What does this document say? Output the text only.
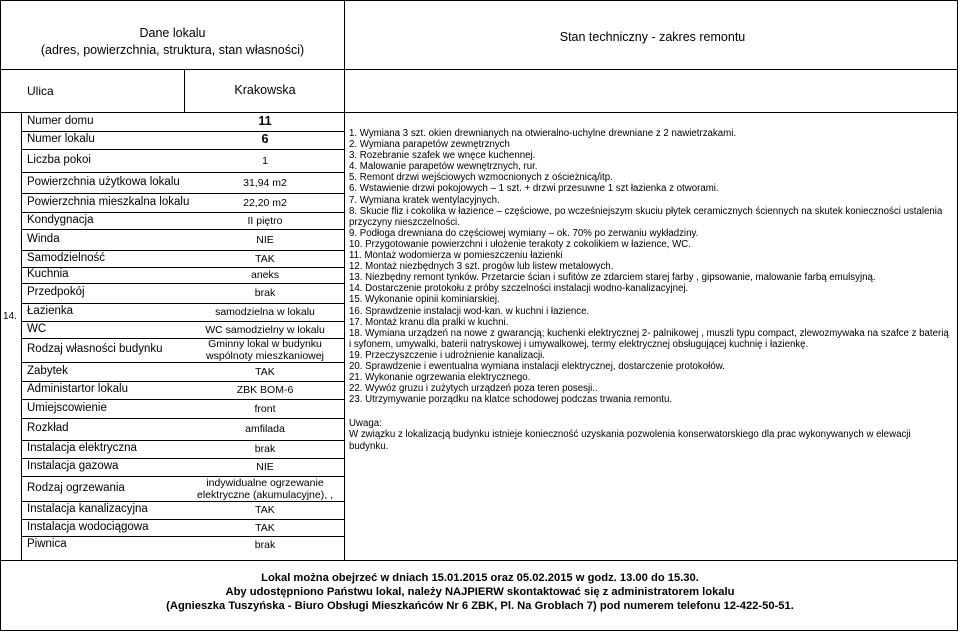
Dane lokalu
(adres, powierzchnia, struktura, stan własności)
Stan techniczny - zakres remontu
Ulica	Krakowska
14.
Numer domu	11
Numer lokalu	6
Liczba pokoi	1
Powierzchnia użytkowa lokalu	31,94 m2
Powierzchnia mieszkalna lokalu	22,20 m2
Kondygnacja	II piętro
Winda	NIE
Samodzielność	TAK
Kuchnia	aneks
Przedpokój	brak
Łazienka	samodzielna w lokalu
WC	WC samodzielny w lokalu
Rodzaj własności budynku	Gminny lokal w budynku wspólnoty mieszkaniowej
Zabytek	TAK
Administartor lokalu	ZBK BOM-6
Umiejscowienie	front
Rozkład	amfilada
Instalacja elektryczna	brak
Instalacja gazowa	NIE
Rodzaj ogrzewania	indywidualne ogrzewanie elektryczne (akumulacyjne), ,
Instalacja kanalizacyjna	TAK
Instalacja wodociągowa	TAK
Piwnica	brak
1. Wymiana 3 szt. okien drewnianych na otwieralno-uchylne drewniane z 2 nawietrzakami.
2. Wymiana parapetów zewnętrznych
3. Rozebranie szafek we wnęce kuchennej.
4. Malowanie parapetów wewnętrznych, rur.
5. Remont drzwi wejściowych wzmocnionych z ościeżnicą/itp.
6. Wstawienie drzwi pokojowych – 1 szt. + drzwi przesuwne 1 szt łazienka z otworami.
7. Wymiana kratek wentylacyjnych.
8. Skucie fliz i cokolika w łazience – częściowe, po wcześniejszym skuciu płytek ceramicznych ściennych na skutek konieczności ustalenia przyczyny nieszczelności.
9. Podłoga drewniana do częściowej wymiany – ok. 70% po zerwaniu wykładziny.
10. Przygotowanie powierzchni i ułożenie terakoty z cokolikiem w łazience, WC.
11. Montaż wodomierza w pomieszczeniu łazienki
12. Montaż niezbędnych 3 szt. progów lub listew metalowych.
13. Niezbędny remont tynków. Przetarcie ścian i sufitów ze zdarciem starej farby , gipsowanie, malowanie farbą emulsyjną.
14. Dostarczenie protokołu z próby szczelności instalacji wodno-kanalizacyjnej.
15. Wykonanie opinii kominiarskiej.
16. Sprawdzenie instalacji wod-kan. w kuchni i łazience.
17. Montaż kranu dla pralki w kuchni.
18. Wymiana urządzeń na nowe z gwarancją; kuchenki elektrycznej 2- palnikowej , muszli typu compact, zlewozmywaka na szafce z baterią i syfonem, umywalki, baterii natryskowej i umywalkowej, termy elektrycznej obsługującej kuchnię i łazienkę.
19. Przeczyszczenie i udrożnienie kanalizacji.
20. Sprawdzenie i ewentualna wymiana instalacji elektrycznej, dostarczenie protokołów.
21. Wykonanie ogrzewania elektrycznego.
22. Wywóz gruzu i zużytych urządzeń poza teren posesji..
23. Utrzymywanie porządku na klatce schodowej podczas trwania remontu.
Uwaga:
W związku z lokalizacją budynku istnieje konieczność uzyskania pozwolenia konserwatorskiego dla prac wykonywanych w elewacji budynku.
Lokal można obejrzeć w dniach 15.01.2015 oraz 05.02.2015 w godz. 13.00 do 15.30.
Aby udostępniono Państwu lokal, należy NAJPIERW skontaktować się z administratorem lokalu
(Agnieszka Tuszyńska - Biuro Obsługi Mieszkańców Nr 6 ZBK, Pl. Na Groblach 7) pod numerem telefonu 12-422-50-51.
